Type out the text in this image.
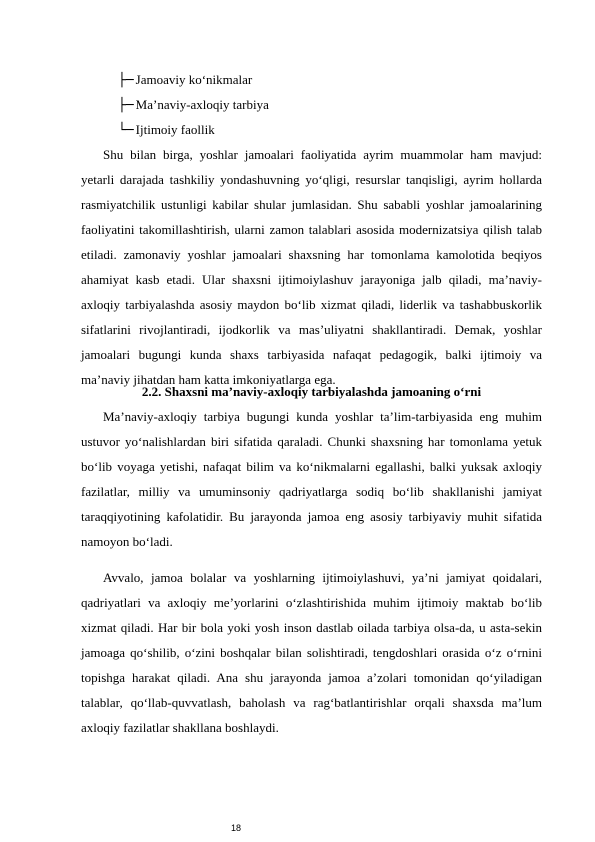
├─ Jamoaviy ko‘nikmalar
├─ Ma’naviy-axloqiy tarbiya
└─ Ijtimoiy faollik

Shu bilan birga, yoshlar jamoalari faoliyatida ayrim muammolar ham mavjud: yetarli darajada tashkiliy yondashuvning yo‘qligi, resurslar tanqisligi, ayrim hollarda rasmiyatchilik ustunligi kabilar shular jumlasidan. Shu sababli yoshlar jamoalarining faoliyatini takomillashtirish, ularni zamon talablari asosida modernizatsiya qilish talab etiladi. zamonaviy yoshlar jamoalari shaxsning har tomonlama kamolotida beqiyos ahamiyat kasb etadi. Ular shaxsni ijtimoiylashuv jarayoniga jalb qiladi, ma’naviy-axloqiy tarbiyalashda asosiy maydon bo‘lib xizmat qiladi, liderlik va tashabbuskorlik sifatlarini rivojlantiradi, ijodkorlik va mas’uliyatni shakllantiradi. Demak, yoshlar jamoalari bugungi kunda shaxs tarbiyasida nafaqat pedagogik, balki ijtimoiy va ma’naviy jihatdan ham katta imkoniyatlarga ega.

2.2. Shaxsni ma’naviy-axloqiy tarbiyalashda jamoaning o‘rni

Ma’naviy-axloqiy tarbiya bugungi kunda yoshlar ta’lim-tarbiyasida eng muhim ustuvor yo‘nalishlardan biri sifatida qaraladi. Chunki shaxsning har tomonlama yetuk bo‘lib voyaga yetishi, nafaqat bilim va ko‘nikmalarni egallashi, balki yuksak axloqiy fazilatlar, milliy va umuminsoniy qadriyatlarga sodiq bo‘lib shakllanishi jamiyat taraqqiyotining kafolatidir. Bu jarayonda jamoa eng asosiy tarbiyaviy muhit sifatida namoyon bo‘ladi.

Avvalo, jamoa bolalar va yoshlarning ijtimoiylashuvi, ya’ni jamiyat qoidalari, qadriyatlari va axloqiy me’yorlarini o‘zlashtirishida muhim ijtimoiy maktab bo‘lib xizmat qiladi. Har bir bola yoki yosh inson dastlab oilada tarbiya olsa-da, u asta-sekin jamoaga qo‘shilib, o‘zini boshqalar bilan solishtiradi, tengdoshlari orasida o‘z o‘rnini topishga harakat qiladi. Ana shu jarayonda jamoa a’zolari tomonidan qo‘yiladigan talablar, qo‘llab-quvvatlash, baholash va rag‘batlantirishlar orqali shaxsda ma’lum axloqiy fazilatlar shakllana boshlaydi.

18
